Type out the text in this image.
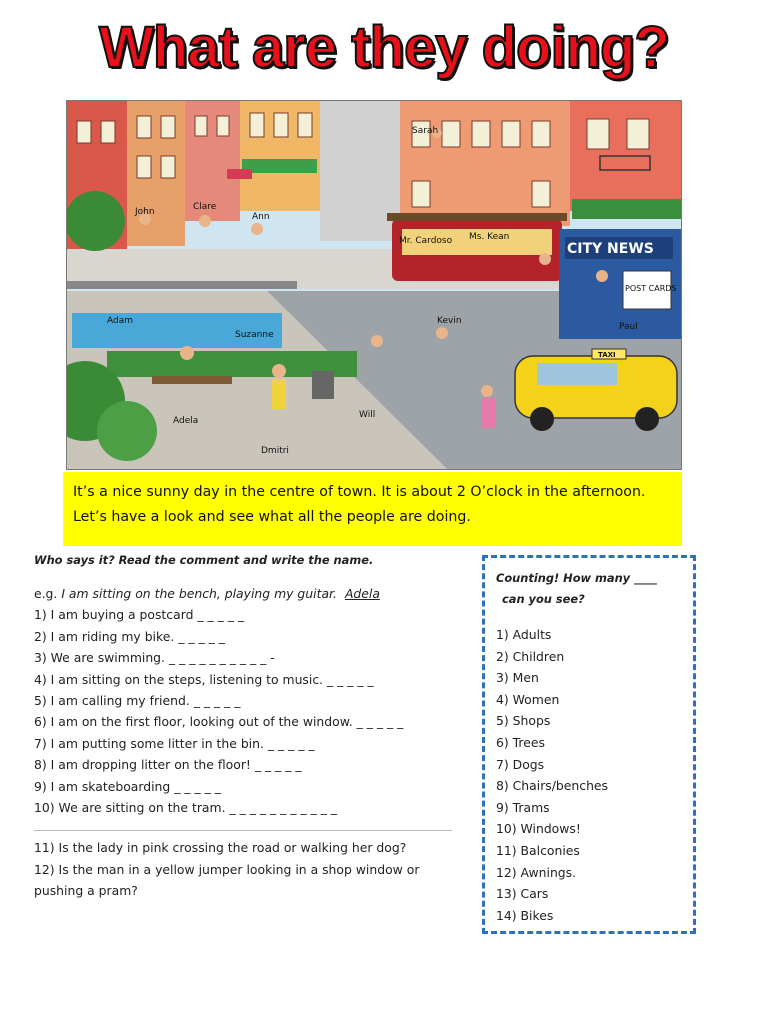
What are they doing?
Sarah
John	Clare
Ann
Mr. Cardoso Ms. Kean
CITY NEWS
POST CARDS
TAXI
Adam
Suzanne
Kevin
Paul
Adela
Will
Dmitri
It’s a nice sunny day in the centre of town. It is about 2 O’clock in the afternoon. Let’s have a look and see what all the people are doing.

Who says it? Read the comment and write the name.

e.g. I am sitting on the bench, playing my guitar. Adela
1) I am buying a postcard _ _ _ _ _
2) I am riding my bike. _ _ _ _ _
3) We are swimming. _ _ _ _ _ _ _ _ _ _ -
4) I am sitting on the steps, listening to music. _ _ _ _ _
5) I am calling my friend. _ _ _ _ _
6) I am on the first floor, looking out of the window. _ _ _ _ _
7) I am putting some litter in the bin. _ _ _ _ _
8) I am dropping litter on the floor! _ _ _ _ _
9) I am skateboarding _ _ _ _ _
10) We are sitting on the tram. _ _ _ _ _ _ _ _ _ _ _

11) Is the lady in pink crossing the road or walking her dog?

12) Is the man in a yellow jumper looking in a shop window or pushing a pram?

Counting! How many ____

can you see?

1) Adults
2) Children
3) Men
4) Women
5) Shops
6) Trees
7) Dogs
8) Chairs/benches
9) Trams
10) Windows!
11) Balconies
12) Awnings.
13) Cars
14) Bikes
